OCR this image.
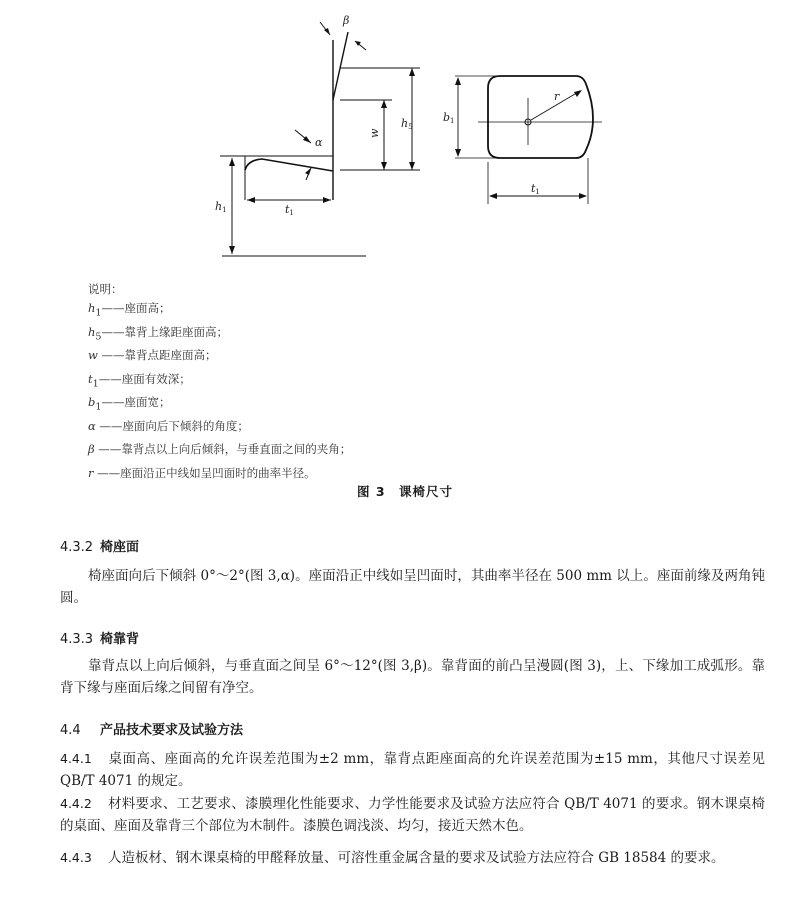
β
α
w
h5
h1	t1
r
b1
t1
说明：
$h_1——$座面高；
$h_5——$靠背上缘距座面高；
w ——靠背点距座面高；
$t_1——$座面有效深；
$b_1——$座面宽；
α ——座面向后下倾斜的角度；
β ——靠背点以上向后倾斜，与垂直面之间的夹角；
r ——座面沿正中线如呈凹面时的曲率半径。
图 3　课椅尺寸
4.3.2 椅座面
椅座面向后下倾斜 0°～2°(图 3,α)。座面沿正中线如呈凹面时，其曲率半径在 500 mm 以上。座面前缘及两角钝圆。
4.3.3 椅靠背
靠背点以上向后倾斜，与垂直面之间呈 6°～12°(图 3,β)。靠背面的前凸呈漫圆(图 3)，上、下缘加工成弧形。靠背下缘与座面后缘之间留有净空。
4.4 产品技术要求及试验方法
4.4.1 桌面高、座面高的允许误差范围为±2 mm，靠背点距座面高的允许误差范围为±15 mm，其他尺寸误差见 QB/T 4071 的规定。
4.4.2 材料要求、工艺要求、漆膜理化性能要求、力学性能要求及试验方法应符合 QB/T 4071 的要求。钢木课桌椅的桌面、座面及靠背三个部位为木制件。漆膜色调浅淡、均匀，接近天然木色。
4.4.3 人造板材、钢木课桌椅的甲醛释放量、可溶性重金属含量的要求及试验方法应符合 GB 18584 的要求。
